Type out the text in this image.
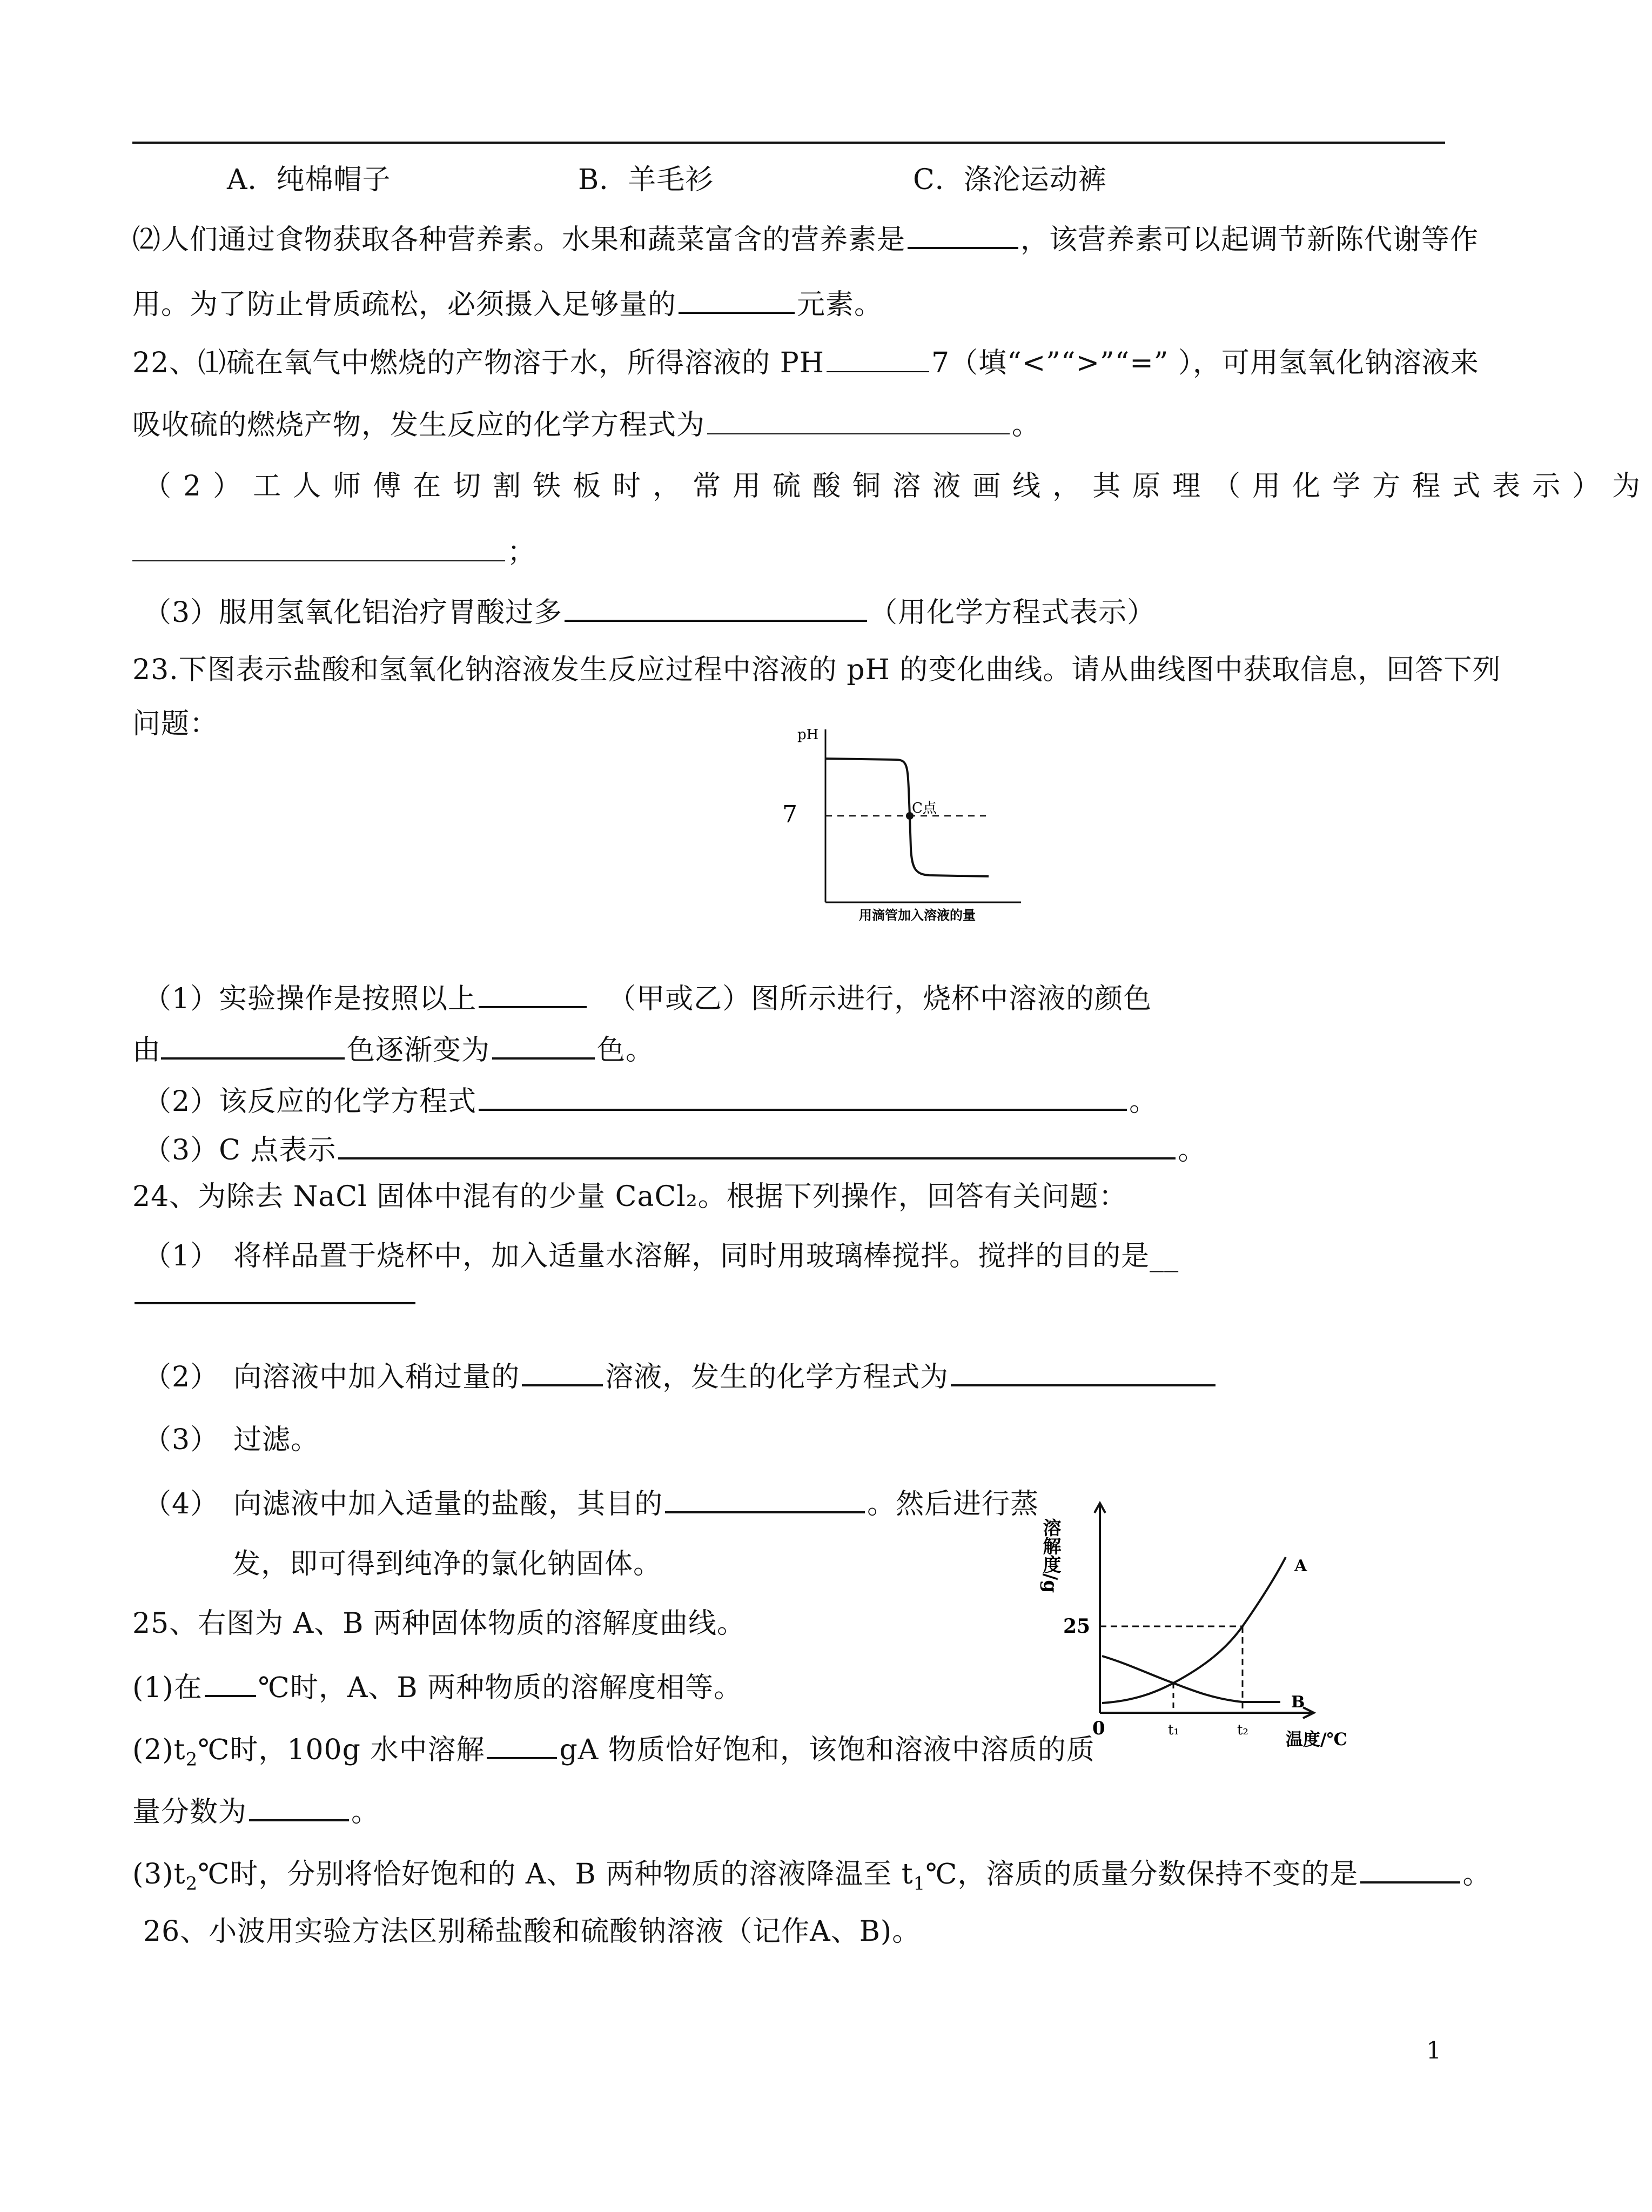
A．纯棉帽子	B．羊毛衫	C．涤沦运动裤
⑵人们通过食物获取各种营养素。水果和蔬菜富含的营养素是	，该营养素可以起调节新陈代谢等作
用。为了防止骨质疏松，必须摄入足够量的	元素。
22、⑴硫在氧气中燃烧的产物溶于水，所得溶液的 PH	7（填“<”“>”“=” ），可用氢氧化钠溶液来
吸收硫的燃烧产物，发生反应的化学方程式为	。
（2）工人师傅在切割铁板时，常用硫酸铜溶液画线，其原理（用化学方程式表示）为
；
（3）服用氢氧化铝治疗胃酸过多	（用化学方程式表示）
23.下图表示盐酸和氢氧化钠溶液发生反应过程中溶液的 pH 的变化曲线。请从曲线图中获取信息，回答下列
问题：	pH
7	C点
用滴管加入溶液的量
（1）实验操作是按照以上	（甲或乙）图所示进行，烧杯中溶液的颜色
由	色逐渐变为	色。
（2）该反应的化学方程式	。
（3）C 点表示	。
24、为除去 NaCl 固体中混有的少量 CaCl₂。根据下列操作，回答有关问题：
（1）　将样品置于烧杯中，加入适量水溶解，同时用玻璃棒搅拌。搅拌的目的是__
（2）　向溶液中加入稍过量的	溶液，发生的化学方程式为
（3）　过滤。
（4）　向滤液中加入适量的盐酸，其目的	。然后进行蒸
发，即可得到纯净的氯化钠固体。	溶解度/g
25
A
B
0	t₁	t₂ 温度/℃
25、右图为 A、B 两种固体物质的溶解度曲线。
(1)在 ℃时，A、B 两种物质的溶解度相等。
$(2)t_2℃$时，100g 水中溶解	gA 物质恰好饱和，该饱和溶液中溶质的质
量分数为	。
$(3)t_2℃$时，分别将恰好饱和的 A、B 两种物质的溶液降温至 $t_1℃$，溶质的质量分数保持不变的是	。
26、小波用实验方法区别稀盐酸和硫酸钠溶液（记作A、B)。
1
